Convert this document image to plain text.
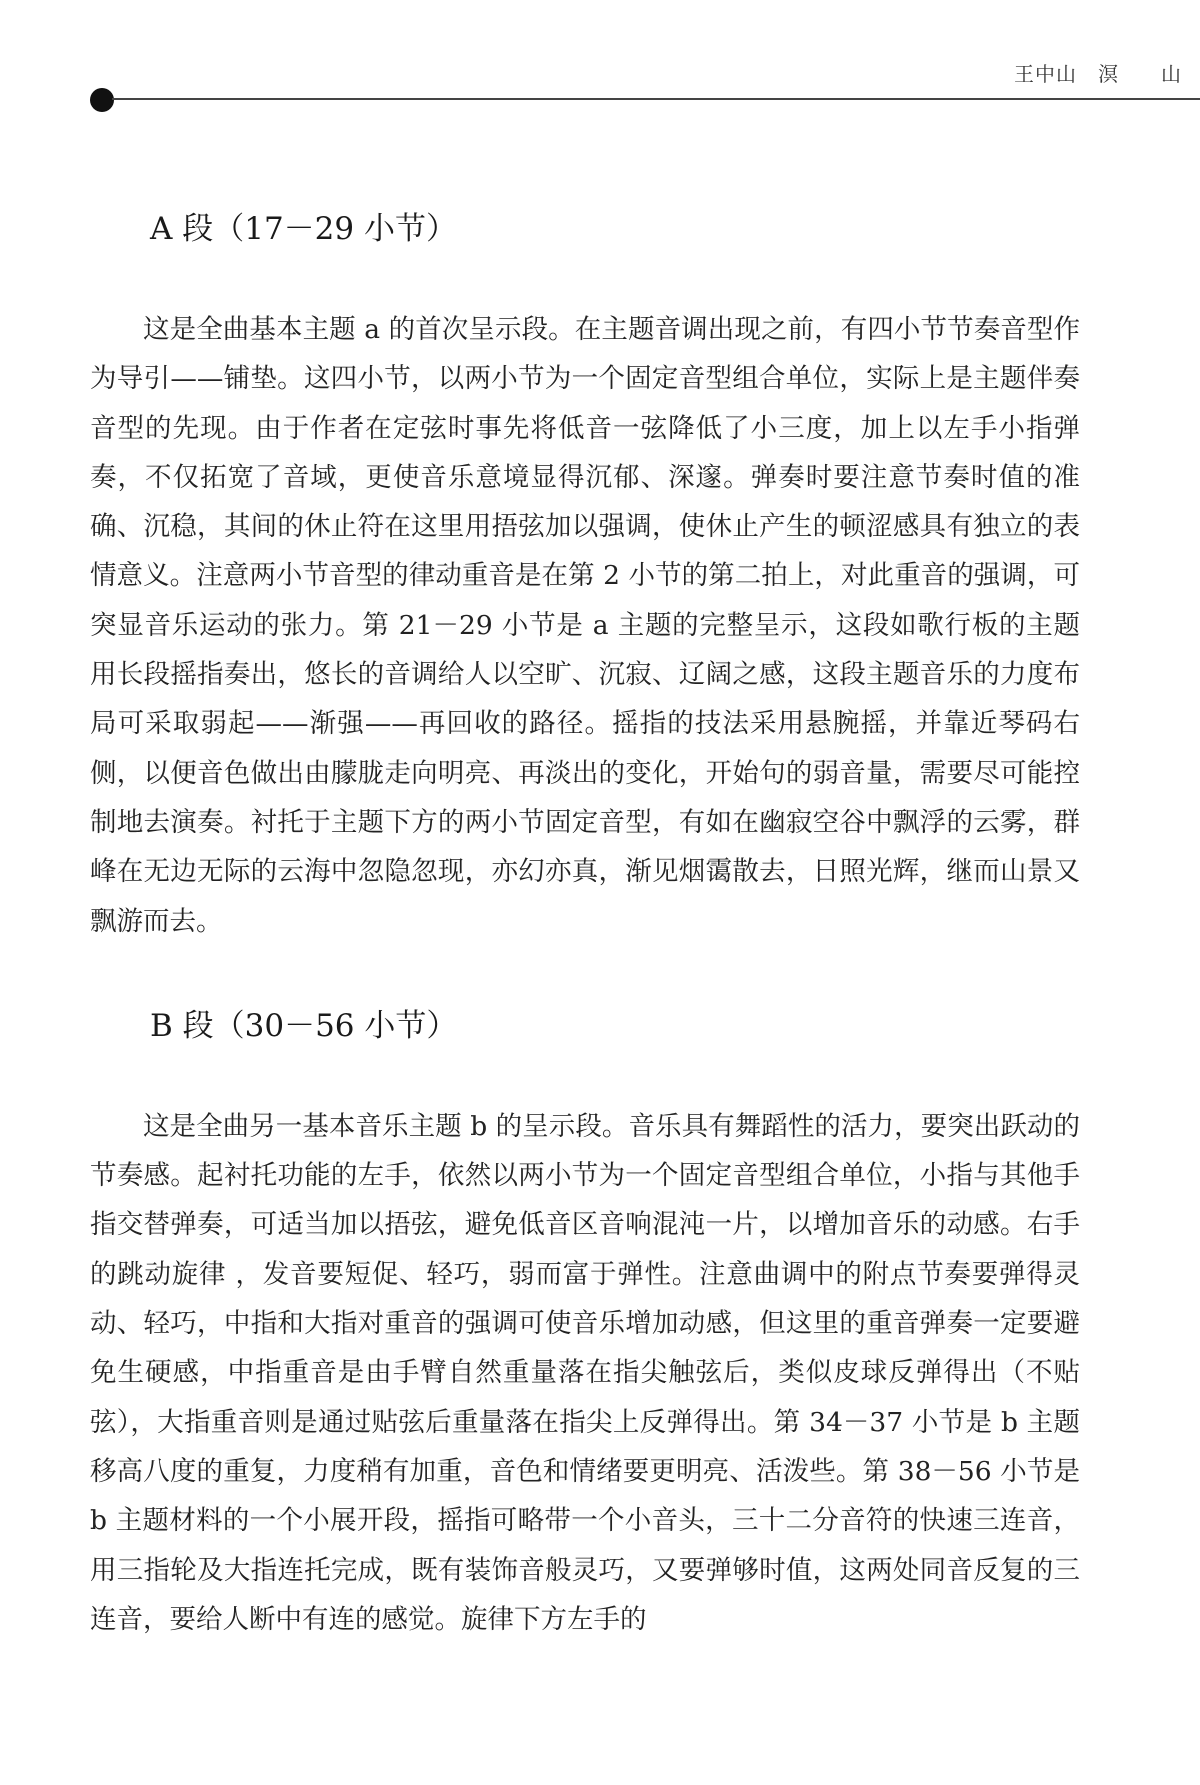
王中山　溟　　山
A 段（17－29 小节）

这是全曲基本主题 a 的首次呈示段。在主题音调出现之前，有四小节节奏音型作为导引——铺垫。这四小节，以两小节为一个固定音型组合单位，实际上是主题伴奏音型的先现。由于作者在定弦时事先将低音一弦降低了小三度，加上以左手小指弹奏，不仅拓宽了音域，更使音乐意境显得沉郁、深邃。弹奏时要注意节奏时值的准确、沉稳，其间的休止符在这里用捂弦加以强调，使休止产生的顿涩感具有独立的表情意义。注意两小节音型的律动重音是在第 2 小节的第二拍上，对此重音的强调，可突显音乐运动的张力。第 21－29 小节是 a 主题的完整呈示，这段如歌行板的主题用长段摇指奏出，悠长的音调给人以空旷、沉寂、辽阔之感，这段主题音乐的力度布局可采取弱起——渐强——再回收的路径。摇指的技法采用悬腕摇，并靠近琴码右侧，以便音色做出由朦胧走向明亮、再淡出的变化，开始句的弱音量，需要尽可能控制地去演奏。衬托于主题下方的两小节固定音型，有如在幽寂空谷中飘浮的云雾，群峰在无边无际的云海中忽隐忽现，亦幻亦真，渐见烟霭散去，日照光辉，继而山景又飘游而去。

B 段（30－56 小节）

这是全曲另一基本音乐主题 b 的呈示段。音乐具有舞蹈性的活力，要突出跃动的节奏感。起衬托功能的左手，依然以两小节为一个固定音型组合单位，小指与其他手指交替弹奏，可适当加以捂弦，避免低音区音响混沌一片，以增加音乐的动感。右手的跳动旋律 ，发音要短促、轻巧，弱而富于弹性。注意曲调中的附点节奏要弹得灵动、轻巧，中指和大指对重音的强调可使音乐增加动感，但这里的重音弹奏一定要避免生硬感，中指重音是由手臂自然重量落在指尖触弦后，类似皮球反弹得出（不贴弦），大指重音则是通过贴弦后重量落在指尖上反弹得出。第 34－37 小节是 b 主题移高八度的重复，力度稍有加重，音色和情绪要更明亮、活泼些。第 38－56 小节是 b 主题材料的一个小展开段，摇指可略带一个小音头，三十二分音符的快速三连音，用三指轮及大指连托完成，既有装饰音般灵巧，又要弹够时值，这两处同音反复的三连音，要给人断中有连的感觉。旋律下方左手的
